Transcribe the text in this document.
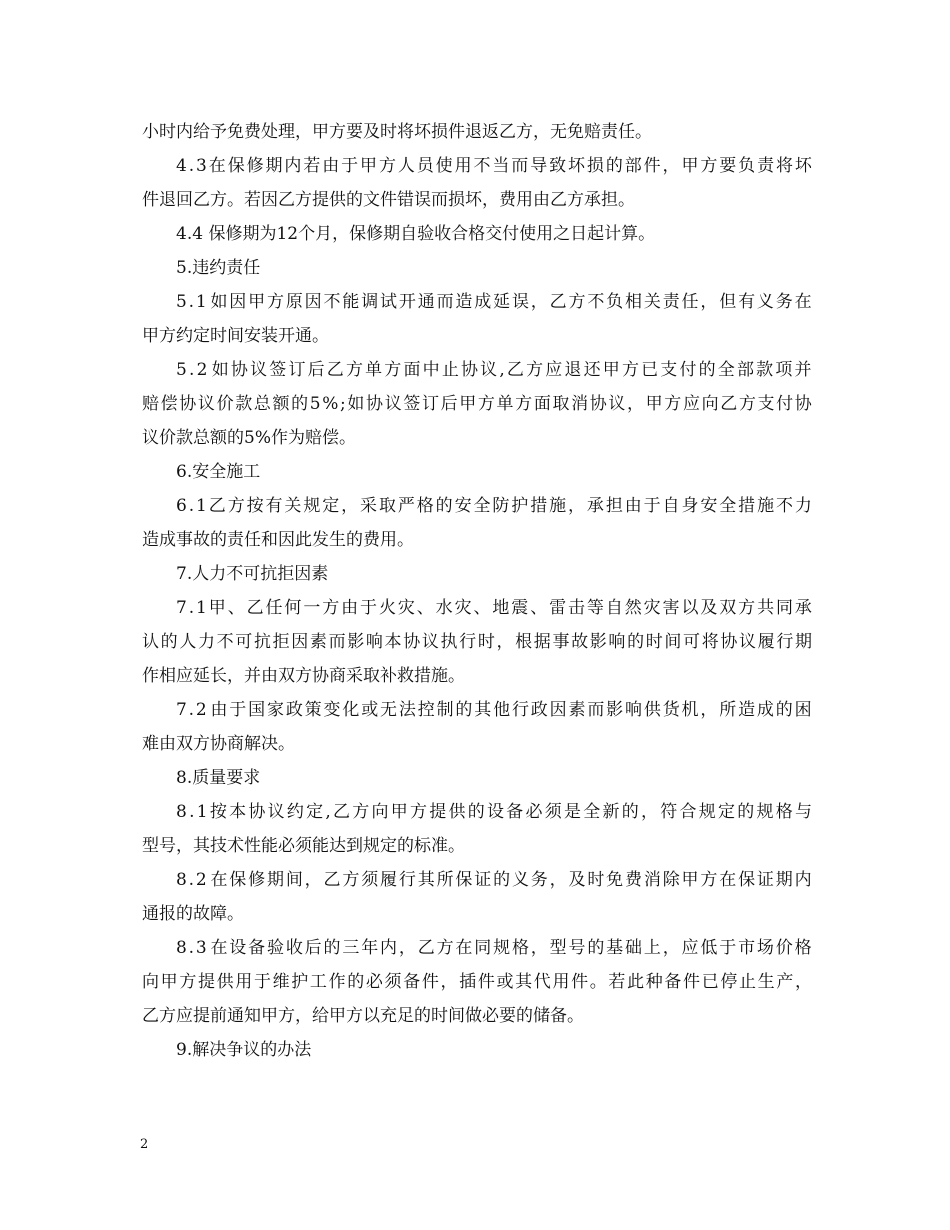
小时内给予免费处理，甲方要及时将坏损件退返乙方，无免赔责任。
4 . 3 在 保 修 期 内 若 由 于 甲 方 人 员 使 用 不 当 而 导 致 坏 损 的 部 件 ， 甲 方 要 负 责 将 坏
件退回乙方。若因乙方提供的文件错误而损坏，费用由乙方承担。
4.4 保修期为12个月，保修期自验收合格交付使用之日起计算。
5.违约责任
5 . 1 如 因 甲 方 原 因 不 能 调 试 开 通 而 造 成 延 误 ， 乙 方 不 负 相 关 责 任 ， 但 有 义 务 在
甲方约定时间安装开通。
5 . 2 如 协 议 签 订 后 乙 方 单 方 面 中 止 协 议 , 乙 方 应 退 还 甲 方 已 支 付 的 全 部 款 项 并
赔 偿 协 议 价 款 总 额 的 5 % ; 如 协 议 签 订 后 甲 方 单 方 面 取 消 协 议 ， 甲 方 应 向 乙 方 支 付 协
议价款总额的5%作为赔偿。
6.安全施工
6 . 1 乙 方 按 有 关 规 定 ， 采 取 严 格 的 安 全 防 护 措 施 ， 承 担 由 于 自 身 安 全 措 施 不 力
造成事故的责任和因此发生的费用。
7.人力不可抗拒因素
7 . 1 甲 、 乙 任 何 一 方 由 于 火 灾 、 水 灾 、 地 震 、 雷 击 等 自 然 灾 害 以 及 双 方 共 同 承
认 的 人 力 不 可 抗 拒 因 素 而 影 响 本 协 议 执 行 时 ， 根 据 事 故 影 响 的 时 间 可 将 协 议 履 行 期
作相应延长，并由双方协商采取补救措施。
7 . 2 由 于 国 家 政 策 变 化 或 无 法 控 制 的 其 他 行 政 因 素 而 影 响 供 货 机 ， 所 造 成 的 困
难由双方协商解决。
8.质量要求
8 . 1 按 本 协 议 约 定 , 乙 方 向 甲 方 提 供 的 设 备 必 须 是 全 新 的 ， 符 合 规 定 的 规 格 与
型号，其技术性能必须能达到规定的标准。
8 . 2 在 保 修 期 间 ， 乙 方 须 履 行 其 所 保 证 的 义 务 ， 及 时 免 费 消 除 甲 方 在 保 证 期 内
通报的故障。
8 . 3 在 设 备 验 收 后 的 三 年 内 ， 乙 方 在 同 规 格 ， 型 号 的 基 础 上 ， 应 低 于 市 场 价 格
向 甲 方 提 供 用 于 维 护 工 作 的 必 须 备 件 ， 插 件 或 其 代 用 件 。 若 此 种 备 件 已 停 止 生 产 ，
乙方应提前通知甲方，给甲方以充足的时间做必要的储备。
9.解决争议的办法
2
